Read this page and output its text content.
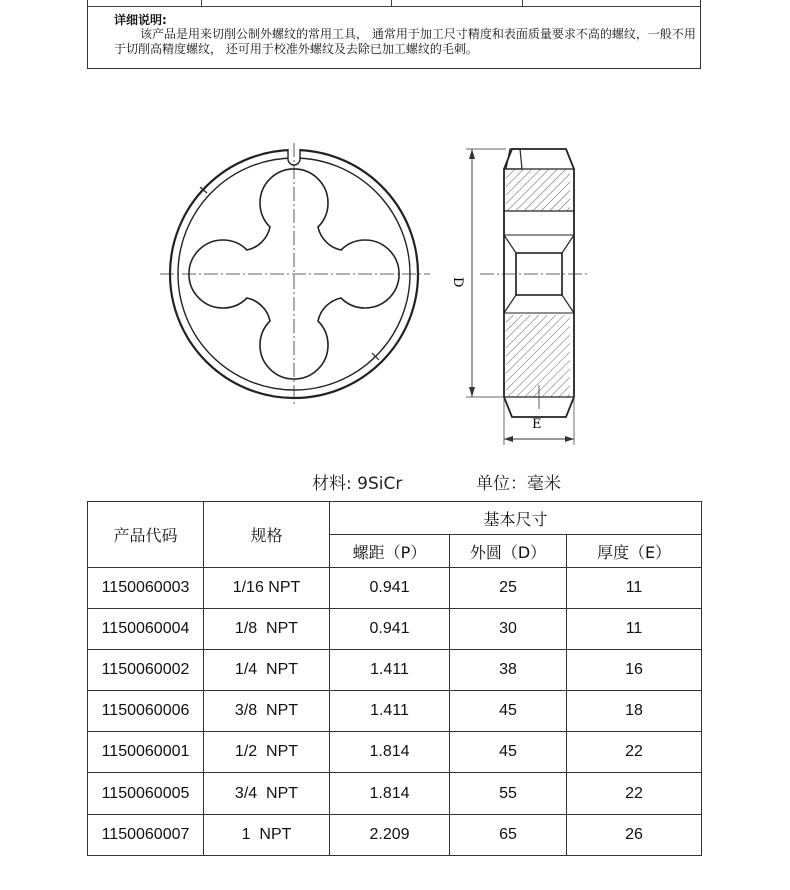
详细说明:
该产品是用来切削公制外螺纹的常用工具， 通常用于加工尺寸精度和表面质量要求不高的螺纹，一般不用于切削高精度螺纹， 还可用于校准外螺纹及去除已加工螺纹的毛刺。
D
E
材料: 9SiCr	单位：毫米
产品代码	规格	基本尺寸		
		螺距（P）	外圆（D）	厚度（E）
1150060003	1/16 NPT	0.941	25	11
1150060004	1/8  NPT	0.941	30	11
1150060002	1/4  NPT	1.411	38	16
1150060006	3/8  NPT	1.411	45	18
1150060001	1/2  NPT	1.814	45	22
1150060005	3/4  NPT	1.814	55	22
1150060007	1  NPT	2.209	65	26
